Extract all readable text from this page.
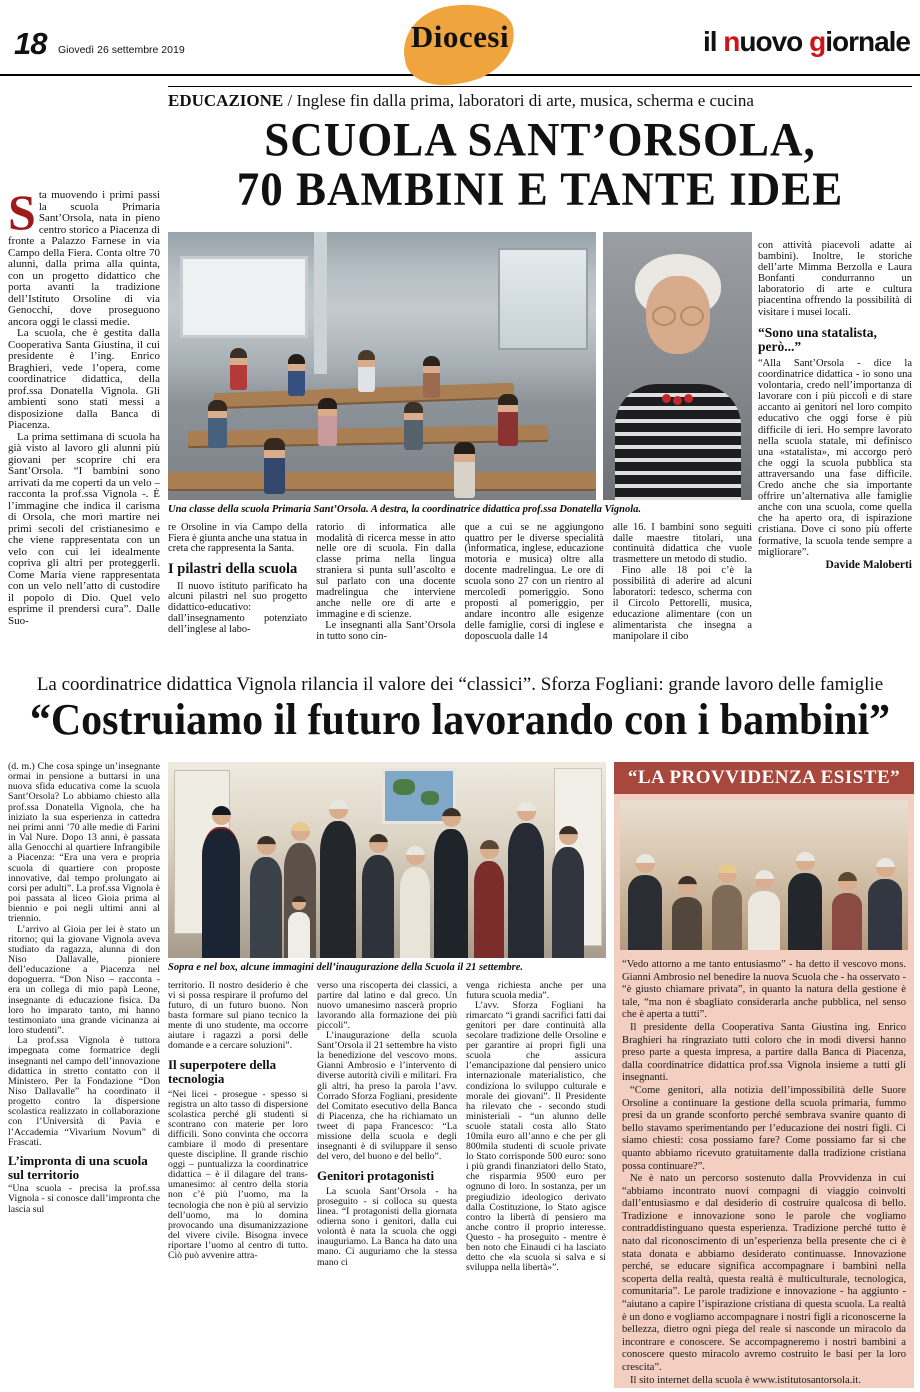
18 Giovedì 26 settembre 2019	Diocesi	il nuovo giornale
EDUCAZIONE / Inglese fin dalla prima, laboratori di arte, musica, scherma e cucina
SCUOLA SANT’ORSOLA,
70 BAMBINI E TANTE IDEE

Sta muovendo i primi passi la scuola Primaria Sant’Orsola, nata in pieno centro storico a Piacenza di fronte a Palazzo Farnese in via Campo della Fiera. Conta oltre 70 alunni, dalla prima alla quinta, con un progetto didattico che porta avanti la tradizione dell’Istituto Orsoline di via Genocchi, dove proseguono ancora oggi le classi medie.

La scuola, che è gestita dalla Cooperativa Santa Giustina, il cui presidente è l’ing. Enrico Braghieri, vede l’opera, come coordinatrice didattica, della prof.ssa Donatella Vignola. Gli ambienti sono stati messi a disposizione dalla Banca di Piacenza.

La prima settimana di scuola ha già visto al lavoro gli alunni più giovani per scoprire chi era Sant’Orsola. “I bambini sono arrivati da me coperti da un velo – racconta la prof.ssa Vignola -. È l’immagine che indica il carisma di Orsola, che morì martire nei primi secoli del cristianesimo e che viene rappresentata con un velo con cui lei idealmente copriva gli altri per proteggerli. Come Maria viene rappresentata con un velo nell’atto di custodire il popolo di Dio. Quel velo esprime il prendersi cura”. Dalle Suo-

Una classe della scuola Primaria Sant’Orsola. A destra, la coordinatrice didattica prof.ssa Donatella Vignola.

re Orsoline in via Campo della Fiera è giunta anche una statua in creta che rappresenta la Santa.

I pilastri della scuola

Il nuovo istituto parificato ha alcuni pilastri nel suo progetto didattico-educativo: dall’insegnamento potenziato dell’inglese al labo-

ratorio di informatica alle modalità di ricerca messe in atto nelle ore di scuola. Fin dalla classe prima nella lingua straniera si punta sull’ascolto e sul parlato con una docente madrelingua che interviene anche nelle ore di arte e immagine e di scienze.

Le insegnanti alla Sant’Orsola in tutto sono cin-

que a cui se ne aggiungono quattro per le diverse specialità (informatica, inglese, educazione motoria e musica) oltre alla docente madrelingua. Le ore di scuola sono 27 con un rientro al mercoledì pomeriggio. Sono proposti al pomeriggio, per andare incontro alle esigenze delle famiglie, corsi di inglese e doposcuola dalle 14

alle 16. I bambini sono seguiti dalle maestre titolari, una continuità didattica che vuole trasmettere un metodo di studio.

Fino alle 18 poi c’è la possibilità di aderire ad alcuni laboratori: tedesco, scherma con il Circolo Pettorelli, musica, educazione alimentare (con un alimentarista che insegna a manipolare il cibo

con attività piacevoli adatte ai bambini). Inoltre, le storiche dell’arte Mimma Berzolla e Laura Bonfanti condurranno un laboratorio di arte e cultura piacentina offrendo la possibilità di visitare i musei locali.

“Sono una statalista, però...”

“Alla Sant’Orsola - dice la coordinatrice didattica - io sono una volontaria, credo nell’importanza di lavorare con i più piccoli e di stare accanto ai genitori nel loro compito educativo che oggi forse è più difficile di ieri. Ho sempre lavorato nella scuola statale, mi definisco una «statalista», mi accorgo però che oggi la scuola pubblica sta attraversando una fase difficile. Credo anche che sia importante offrire un’alternativa alle famiglie anche con una scuola, come quella che ha aperto ora, di ispirazione cristiana. Dove ci sono più offerte formative, la scuola tende sempre a migliorare”.

Davide Maloberti
La coordinatrice didattica Vignola rilancia il valore dei “classici”. Sforza Fogliani: grande lavoro delle famiglie
“Costruiamo il futuro lavorando con i bambini”

(d. m.) Che cosa spinge un’insegnante ormai in pensione a buttarsi in una nuova sfida educativa come la scuola Sant’Orsola? Lo abbiamo chiesto alla prof.ssa Donatella Vignola, che ha iniziato la sua esperienza in cattedra nei primi anni ’70 alle medie di Farini in Val Nure. Dopo 13 anni, è passata alla Genocchi al quartiere Infrangibile a Piacenza: “Era una vera e propria scuola di quartiere con proposte innovative, dal tempo prolungato ai corsi per adulti”. La prof.ssa Vignola è poi passata al liceo Gioia prima al biennio e poi negli ultimi anni al triennio.

L’arrivo al Gioia per lei è stato un ritorno; qui la giovane Vignola aveva studiato da ragazza, alunna di don Niso Dallavalle, pioniere dell’educazione a Piacenza nel dopoguerra. “Don Niso – racconta - era un collega di mio papà Leone, insegnante di educazione fisica. Da loro ho imparato tanto, mi hanno testimoniato una grande vicinanza ai loro studenti”.

La prof.ssa Vignola è tuttora impegnata come formatrice degli insegnanti nel campo dell’innovazione didattica in stretto contatto con il Ministero. Per la Fondazione “Don Niso Dallavalle” ha coordinato il progetto contro la dispersione scolastica realizzato in collaborazione con l’Università di Pavia e l’Accademia “Vivarium Novum” di Frascati.

L’impronta di una scuola sul territorio

“Una scuola - precisa la prof.ssa Vignola - si conosce dall’impronta che lascia sul

Sopra e nel box, alcune immagini dell’inaugurazione della Scuola il 21 settembre.

territorio. Il nostro desiderio è che vi si possa respirare il profumo del futuro, di un futuro buono. Non basta formare sul piano tecnico la mente di uno studente, ma occorre aiutare i ragazzi a porsi delle domande e a cercare soluzioni”.

Il superpotere della tecnologia

“Nei licei - prosegue - spesso si registra un alto tasso di dispersione scolastica perché gli studenti si scontrano con materie per loro difficili. Sono convinta che occorra cambiare il modo di presentare queste discipline. Il grande rischio oggi – puntualizza la coordinatrice didattica – è il dilagare del trans-umanesimo: al centro della storia non c’è più l’uomo, ma la tecnologia che non è più al servizio dell’uomo, ma lo domina provocando una disumanizzazione del vivere civile. Bisogna invece riportare l’uomo al centro di tutto. Ciò può avvenire attra-

verso una riscoperta dei classici, a partire dal latino e dal greco. Un nuovo umanesimo nascerà proprio lavorando alla formazione dei più piccoli”.

L’inaugurazione della scuola Sant’Orsola il 21 settembre ha visto la benedizione del vescovo mons. Gianni Ambrosio e l’intervento di diverse autorità civili e militari. Fra gli altri, ha preso la parola l’avv. Corrado Sforza Fogliani, presidente del Comitato esecutivo della Banca di Piacenza, che ha richiamato un tweet di papa Francesco: “La missione della scuola e degli insegnanti è di sviluppare il senso del vero, del buono e del bello”.

Genitori protagonisti

La scuola Sant’Orsola - ha proseguito - si colloca su questa linea. “I protagonisti della giornata odierna sono i genitori, dalla cui volontà è nata la scuola che oggi inauguriamo. La Banca ha dato una mano. Ci auguriamo che la stessa mano ci

venga richiesta anche per una futura scuola media”.

L’avv. Sforza Fogliani ha rimarcato “i grandi sacrifici fatti dai genitori per dare continuità alla secolare tradizione delle Orsoline e per garantire ai propri figli una scuola che assicura l’emancipazione dal pensiero unico internazionale materialistico, che condiziona lo sviluppo culturale e morale dei giovani”. Il Presidente ha rilevato che - secondo studi ministeriali - “un alunno delle scuole statali costa allo Stato 10mila euro all’anno e che per gli 800mila studenti di scuole private lo Stato corrisponde 500 euro: sono i più grandi finanziatori dello Stato, che risparmia 9500 euro per ognuno di loro. In sostanza, per un pregiudizio ideologico derivato dalla Costituzione, lo Stato agisce contro la libertà di pensiero ma anche contro il proprio interesse. Questo - ha proseguito - mentre è ben noto che Einaudi ci ha lasciato detto che «la scuola si salva e si sviluppa nella libertà»”.

“LA PROVVIDENZA ESISTE”

“Vedo attorno a me tanto entusiasmo” - ha detto il vescovo mons. Gianni Ambrosio nel benedire la nuova Scuola che - ha osservato - “è giusto chiamare privata”, in quanto la natura della gestione è tale, “ma non è sbagliato considerarla anche pubblica, nel senso che è aperta a tutti”.

Il presidente della Cooperativa Santa Giustina ing. Enrico Braghieri ha ringraziato tutti coloro che in modi diversi hanno preso parte a questa impresa, a partire dalla Banca di Piacenza, dalla coordinatrice didattica prof.ssa Vignola insieme a tutti gli insegnanti.

“Come genitori, alla notizia dell’impossibilità delle Suore Orsoline a continuare la gestione della scuola primaria, fummo presi da un grande sconforto perché sembrava svanire quanto di bello stavamo sperimentando per l’educazione dei nostri figli. Ci siamo chiesti: cosa possiamo fare? Come possiamo far sì che quanto abbiamo ricevuto gratuitamente dalla tradizione cristiana possa continuare?”.

Ne è nato un percorso sostenuto dalla Provvidenza in cui “abbiamo incontrato nuovi compagni di viaggio coinvolti dall’entusiasmo e dal desiderio di costruire qualcosa di bello. Tradizione e innovazione sono le parole che vogliamo contraddistinguano questa esperienza. Tradizione perché tutto è nato dal riconoscimento di un’esperienza bella presente che ci è stata donata e abbiamo desiderato continuasse. Innovazione perché, se educare significa accompagnare i bambini nella scoperta della realtà, questa realtà è multiculturale, tecnologica, comunitaria”. Le parole tradizione e innovazione - ha aggiunto - “aiutano a capire l’ispirazione cristiana di questa scuola. La realtà è un dono e vogliamo accompagnare i nostri figli a riconoscerne la bellezza, dietro ogni piega del reale si nasconde un miracolo da incontrare e conoscere. Se accompagneremo i nostri bambini a conoscere questo miracolo avremo costruito le basi per la loro crescita”.

Il sito internet della scuola è www.istitutosantorsola.it.
